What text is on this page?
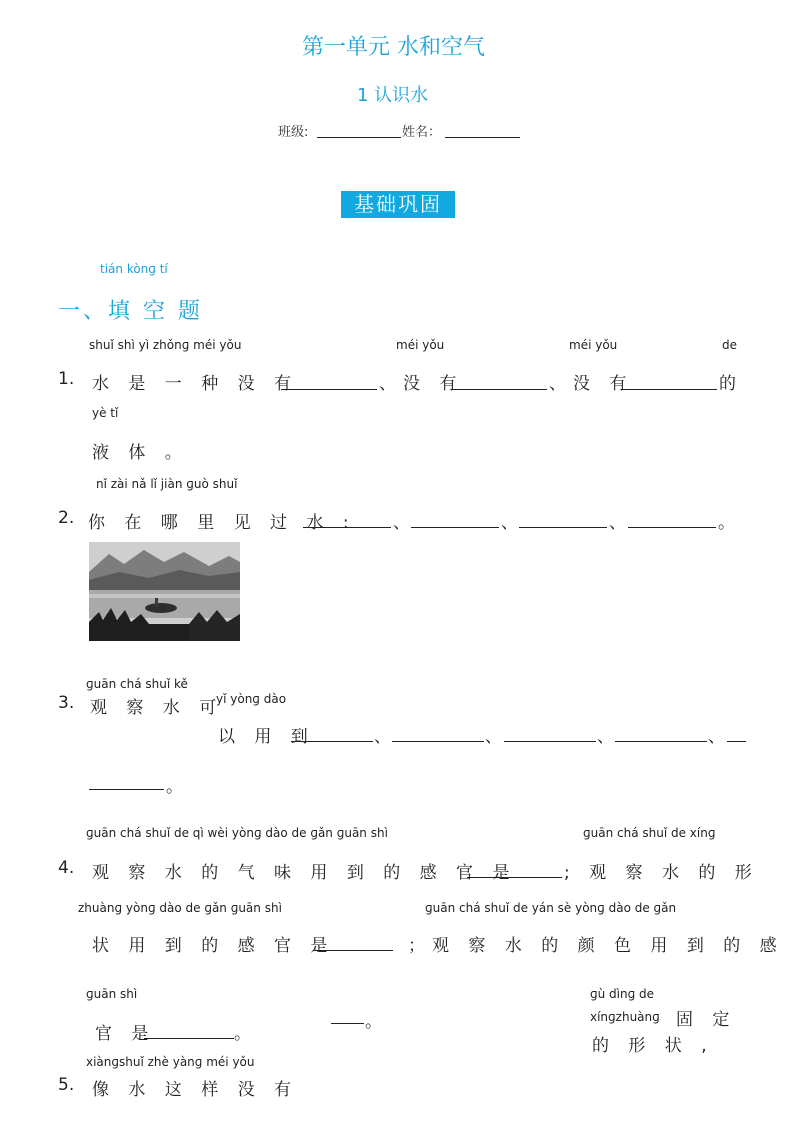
第一单元 水和空气
1 认识水
班级:	姓名：
基础巩固
tián kònɡ tí
一、填 空 题
shuǐ shì yì zhǒnɡ méi yǒu	méi yǒu	méi yǒu	de
1. 水 是 一 种 没 有	、没 有	、没 有	的
yè tǐ
液 体 。
nǐ zài nǎ lǐ jiàn ɡuò shuǐ
2. 你 在 哪 里 见 过 水 : 、	、	、	。
ɡuān chá shuǐ kě
3. 观 察 水 可
yǐ yònɡ dào
以 用 到	、	、	、	、
。
ɡuān chá shuǐ de qì wèi yònɡ dào de ɡǎn ɡuān shì	ɡuān chá shuǐ de xínɡ
4. 观 察 水 的 气 味 用 到 的 感 官 是	; 观 察 水 的 形
zhuànɡ yònɡ dào de ɡǎn ɡuān shì	ɡuān chá shuǐ de yán sè yònɡ dào de ɡǎn
状 用 到 的 感 官 是	；观 察 水 的 颜 色 用 到 的 感
ɡuān shì
官 是	。
。
ɡù dìnɡ de
xínɡzhuànɡ 固 定
的 形 状 ,
xiànɡshuǐ zhè yànɡ méi yǒu
5. 像 水 这 样 没 有
